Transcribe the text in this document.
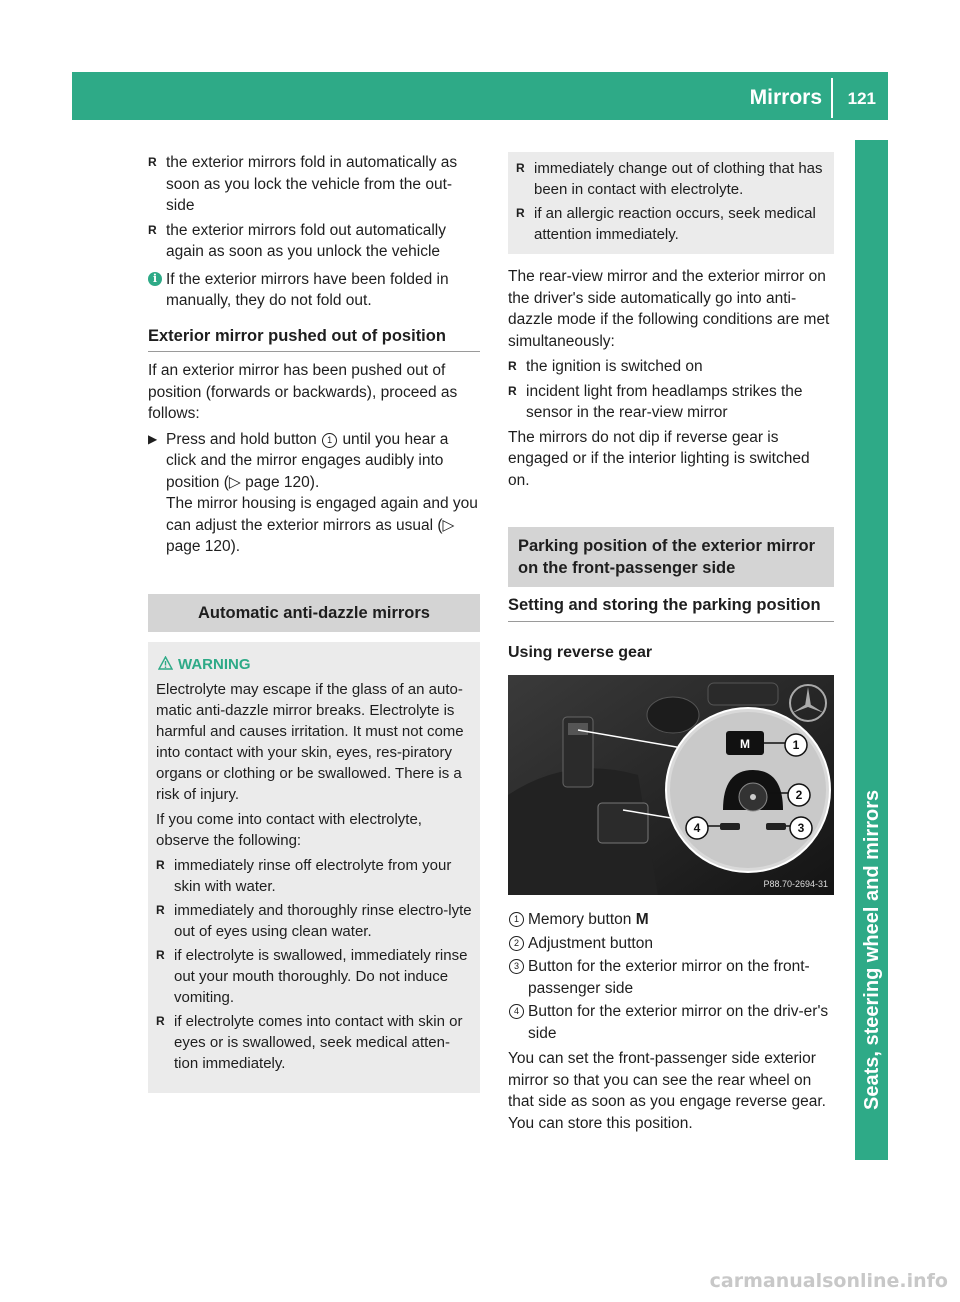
Mirrors 121
Seats, steering wheel and mirrors
R the exterior mirrors fold in automatically as soon as you lock the vehicle from the out-side
R the exterior mirrors fold out automatically again as soon as you unlock the vehicle
i If the exterior mirrors have been folded in manually, they do not fold out.
Exterior mirror pushed out of position

If an exterior mirror has been pushed out of position (forwards or backwards), proceed as follows:

▶ Press and hold button 1 until you hear a click and the mirror engages audibly into position (▷ page 120).
The mirror housing is engaged again and you can adjust the exterior mirrors as usual (▷ page 120).
Automatic anti-dazzle mirrors
WARNING

Electrolyte may escape if the glass of an auto-matic anti-dazzle mirror breaks. Electrolyte is harmful and causes irritation. It must not come into contact with your skin, eyes, res-piratory organs or clothing or be swallowed. There is a risk of injury.

If you come into contact with electrolyte, observe the following:

R immediately rinse off electrolyte from your skin with water.
R immediately and thoroughly rinse electro-lyte out of eyes using clean water.
R if electrolyte is swallowed, immediately rinse out your mouth thoroughly. Do not induce vomiting.
R if electrolyte comes into contact with skin or eyes or is swallowed, seek medical atten-tion immediately.
R immediately change out of clothing that has been in contact with electrolyte.
R if an allergic reaction occurs, seek medical attention immediately.

The rear-view mirror and the exterior mirror on the driver's side automatically go into anti-dazzle mode if the following conditions are met simultaneously:

R the ignition is switched on
R incident light from headlamps strikes the sensor in the rear-view mirror

The mirrors do not dip if reverse gear is engaged or if the interior lighting is switched on.

Parking position of the exterior mirror on the front-passenger side
Setting and storing the parking position
Using reverse gear
M	1
2
3
4
P88.70-2694-31
1 Memory button M
2 Adjustment button
3 Button for the exterior mirror on the front-passenger side
4 Button for the exterior mirror on the driv-er's side

You can set the front-passenger side exterior mirror so that you can see the rear wheel on that side as soon as you engage reverse gear. You can store this position.

carmanualsonline.info
